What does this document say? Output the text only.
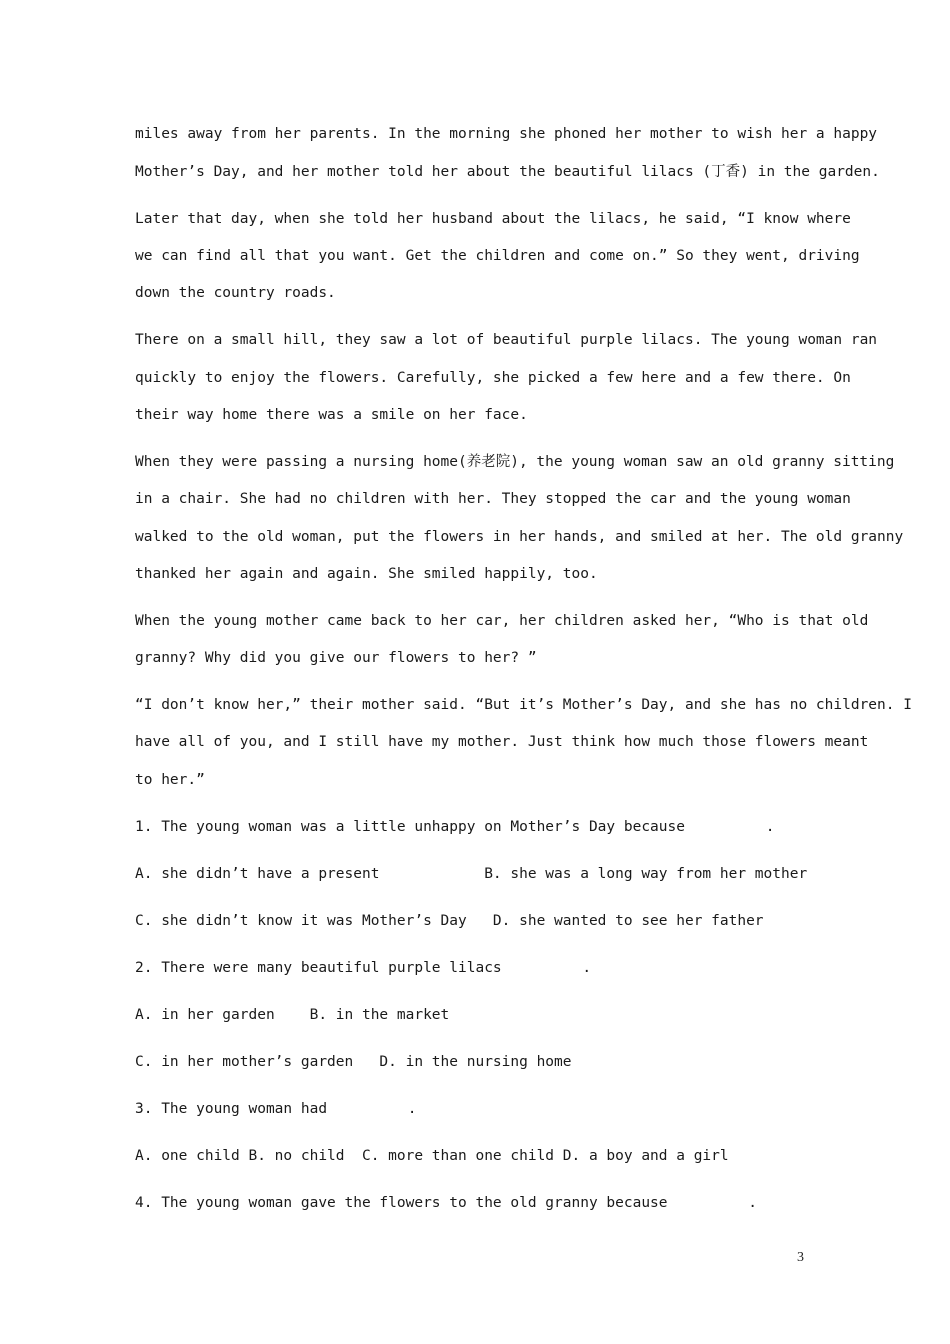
miles away from her parents. In the morning she phoned her mother to wish her a happy
Mother’s Day, and her mother told her about the beautiful lilacs (丁香) in the garden.
Later that day, when she told her husband about the lilacs, he said, “I know where
we can find all that you want. Get the children and come on.” So they went, driving
down the country roads.
There on a small hill, they saw a lot of beautiful purple lilacs. The young woman ran
quickly to enjoy the flowers. Carefully, she picked a few here and a few there. On
their way home there was a smile on her face.
When they were passing a nursing home(养老院), the young woman saw an old granny sitting
in a chair. She had no children with her. They stopped the car and the young woman
walked to the old woman, put the flowers in her hands, and smiled at her. The old granny
thanked her again and again. She smiled happily, too.
When the young mother came back to her car, her children asked her, “Who is that old
granny? Why did you give our flowers to her? ”
“I don’t know her,” their mother said. “But it’s Mother’s Day, and she has no children. I
have all of you, and I still have my mother. Just think how much those flowers meant
to her.”
1. The young woman was a little unhappy on Mother’s Day because	.
A. she didn’t have a present            B. she was a long way from her mother
C. she didn’t know it was Mother’s Day   D. she wanted to see her father
2. There were many beautiful purple lilacs	.
A. in her garden    B. in the market
C. in her mother’s garden   D. in the nursing home
3. The young woman had	.
A. one child B. no child  C. more than one child D. a boy and a girl
4. The young woman gave the flowers to the old granny because	.
3
